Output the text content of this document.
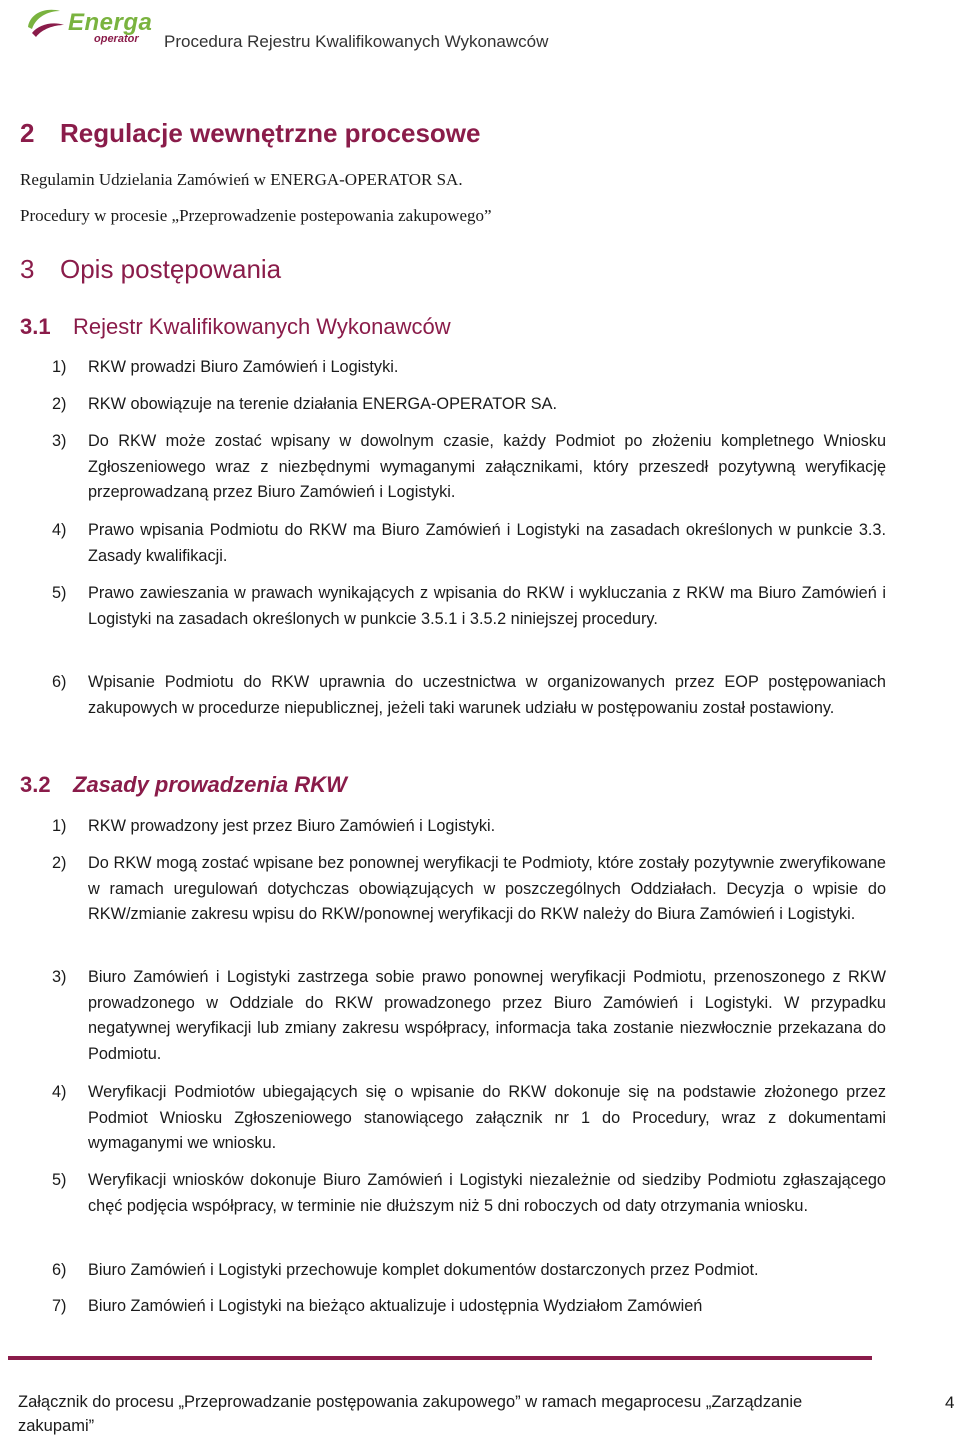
Energa
operator Procedura Rejestru Kwalifikowanych Wykonawców
2 Regulacje wewnętrzne procesowe
Regulamin Udzielania Zamówień w ENERGA-OPERATOR SA.
Procedury w procesie „Przeprowadzenie postepowania zakupowego”
3 Opis postępowania
3.1 Rejestr Kwalifikowanych Wykonawców
1) RKW prowadzi Biuro Zamówień i Logistyki.
2) RKW obowiązuje na terenie działania ENERGA-OPERATOR SA.
3) Do RKW może zostać wpisany w dowolnym czasie, każdy Podmiot po złożeniu kompletnego Wniosku Zgłoszeniowego wraz z niezbędnymi wymaganymi załącznikami, który przeszedł pozytywną weryfikację przeprowadzaną przez Biuro Zamówień i Logistyki.
4) Prawo wpisania Podmiotu do RKW ma Biuro Zamówień i Logistyki na zasadach określonych w punkcie 3.3. Zasady kwalifikacji.
5) Prawo zawieszania w prawach wynikających z wpisania do RKW i wykluczania z RKW ma Biuro Zamówień i Logistyki na zasadach określonych w punkcie 3.5.1 i 3.5.2 niniejszej procedury.
6) Wpisanie Podmiotu do RKW uprawnia do uczestnictwa w organizowanych przez EOP postępowaniach zakupowych w procedurze niepublicznej, jeżeli taki warunek udziału w postępowaniu został postawiony.
3.2 Zasady prowadzenia RKW
1) RKW prowadzony jest przez Biuro Zamówień i Logistyki.
2) Do RKW mogą zostać wpisane bez ponownej weryfikacji te Podmioty, które zostały pozytywnie zweryfikowane w ramach uregulowań dotychczas obowiązujących w poszczególnych Oddziałach. Decyzja o wpisie do RKW/zmianie zakresu wpisu do RKW/ponownej weryfikacji do RKW należy do Biura Zamówień i Logistyki.
3) Biuro Zamówień i Logistyki zastrzega sobie prawo ponownej weryfikacji Podmiotu, przenoszonego z RKW prowadzonego w Oddziale do RKW prowadzonego przez Biuro Zamówień i Logistyki. W przypadku negatywnej weryfikacji lub zmiany zakresu współpracy, informacja taka zostanie niezwłocznie przekazana do Podmiotu.
4) Weryfikacji Podmiotów ubiegających się o wpisanie do RKW dokonuje się na podstawie złożonego przez Podmiot Wniosku Zgłoszeniowego stanowiącego załącznik nr 1 do Procedury, wraz z dokumentami wymaganymi we wniosku.
5) Weryfikacji wniosków dokonuje Biuro Zamówień i Logistyki niezależnie od siedziby Podmiotu zgłaszającego chęć podjęcia współpracy, w terminie nie dłuższym niż 5 dni roboczych od daty otrzymania wniosku.
6) Biuro Zamówień i Logistyki przechowuje komplet dokumentów dostarczonych przez Podmiot.
7) Biuro Zamówień i Logistyki na bieżąco aktualizuje i udostępnia Wydziałom Zamówień
Załącznik do procesu „Przeprowadzanie postępowania zakupowego” w ramach megaprocesu „Zarządzanie zakupami”
4
